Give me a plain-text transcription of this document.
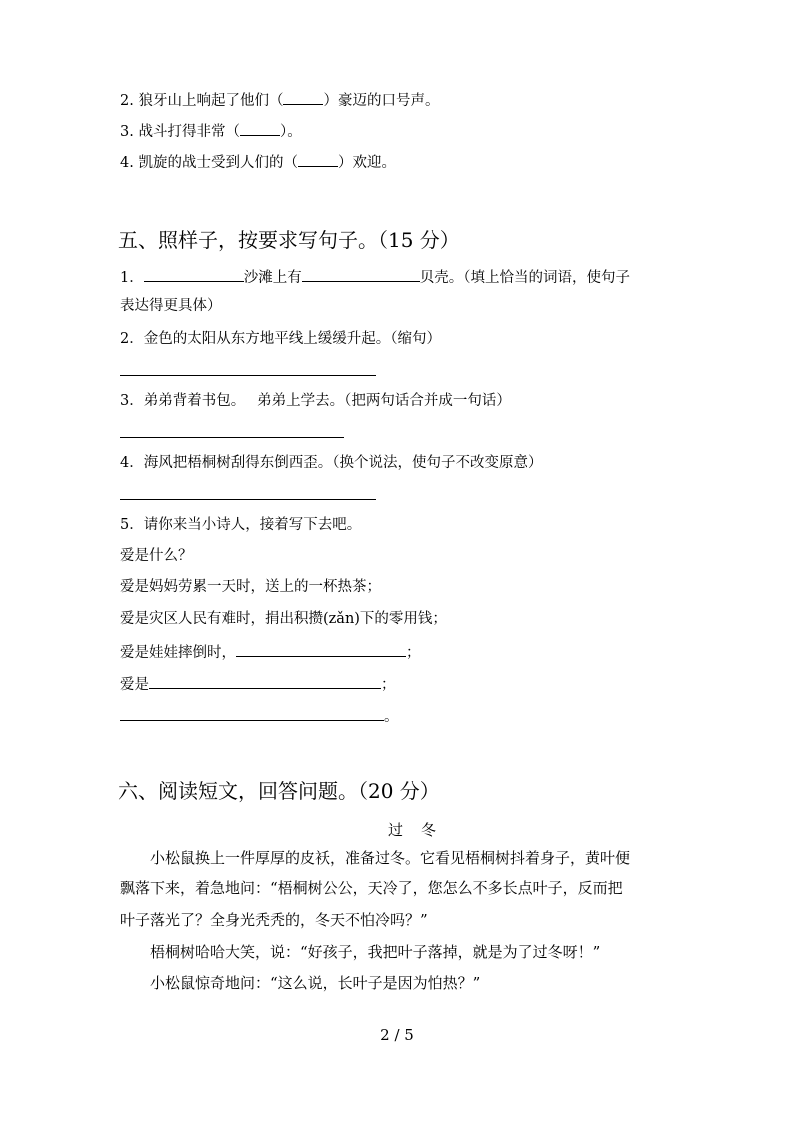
2. 狼牙山上响起了他们（	）豪迈的口号声。
3. 战斗打得非常（	）。
4. 凯旋的战士受到人们的（	）欢迎。
五、照样子，按要求写句子。（15 分）
1．	沙滩上有	贝壳。（填上恰当的词语，使句子
表达得更具体）
2．金色的太阳从东方地平线上缓缓升起。（缩句）
3．弟弟背着书包。　 弟弟上学去。（把两句话合并成一句话）
4．海风把梧桐树刮得东倒西歪。（换个说法，使句子不改变原意）
5．请你来当小诗人，接着写下去吧。
爱是什么？
爱是妈妈劳累一天时，送上的一杯热茶；
爱是灾区人民有难时，捐出积攒(zǎn)下的零用钱；
爱是娃娃摔倒时，	；
爱是	；
。
六、阅读短文，回答问题。（20 分）
过冬
小松鼠换上一件厚厚的皮袄，准备过冬。它看见梧桐树抖着身子，黄叶便
飘落下来，着急地问：“梧桐树公公，天冷了，您怎么不多长点叶子，反而把
叶子落光了？全身光秃秃的，冬天不怕冷吗？”
梧桐树哈哈大笑，说：“好孩子，我把叶子落掉，就是为了过冬呀！”
小松鼠惊奇地问：“这么说，长叶子是因为怕热？”
2 / 5
